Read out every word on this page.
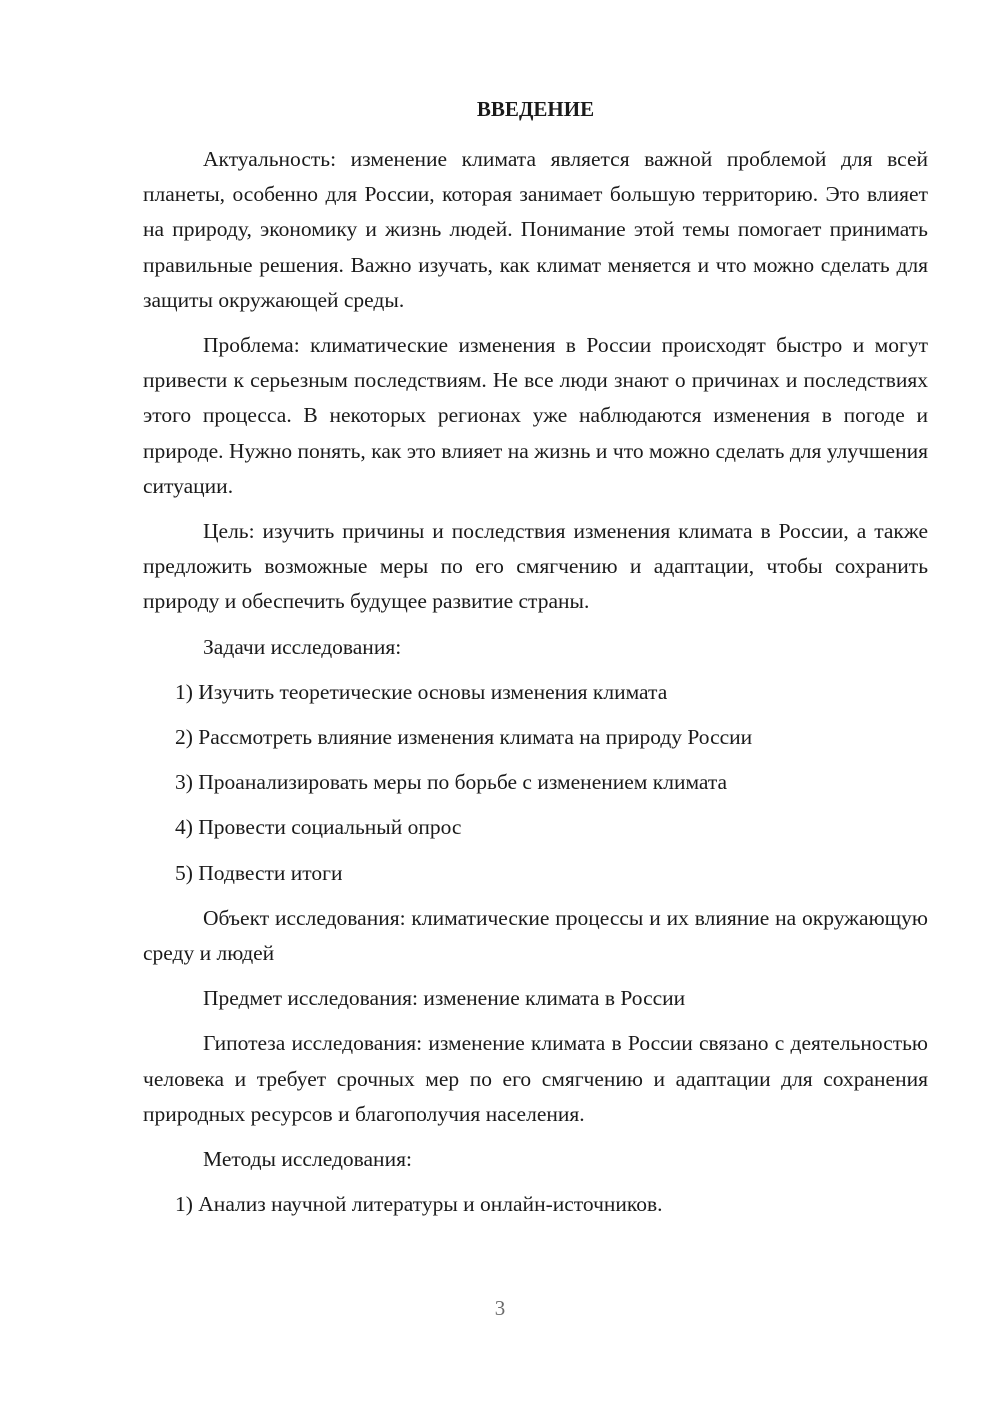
ВВЕДЕНИЕ

Актуальность: изменение климата является важной проблемой для всей планеты, особенно для России, которая занимает большую территорию. Это влияет на природу, экономику и жизнь людей. Понимание этой темы помогает принимать правильные решения. Важно изучать, как климат меняется и что можно сделать для защиты окружающей среды.

Проблема: климатические изменения в России происходят быстро и могут привести к серьезным последствиям. Не все люди знают о причинах и последствиях этого процесса. В некоторых регионах уже наблюдаются изменения в погоде и природе. Нужно понять, как это влияет на жизнь и что можно сделать для улучшения ситуации.

Цель: изучить причины и последствия изменения климата в России, а также предложить возможные меры по его смягчению и адаптации, чтобы сохранить природу и обеспечить будущее развитие страны.

Задачи исследования:

1) Изучить теоретические основы изменения климата
2) Рассмотреть влияние изменения климата на природу России
3) Проанализировать меры по борьбе с изменением климата
4) Провести социальный опрос
5) Подвести итоги

Объект исследования: климатические процессы и их влияние на окружающую среду и людей

Предмет исследования: изменение климата в России

Гипотеза исследования: изменение климата в России связано с деятельностью человека и требует срочных мер по его смягчению и адаптации для сохранения природных ресурсов и благополучия населения.

Методы исследования:

1) Анализ научной литературы и онлайн-источников.
3
